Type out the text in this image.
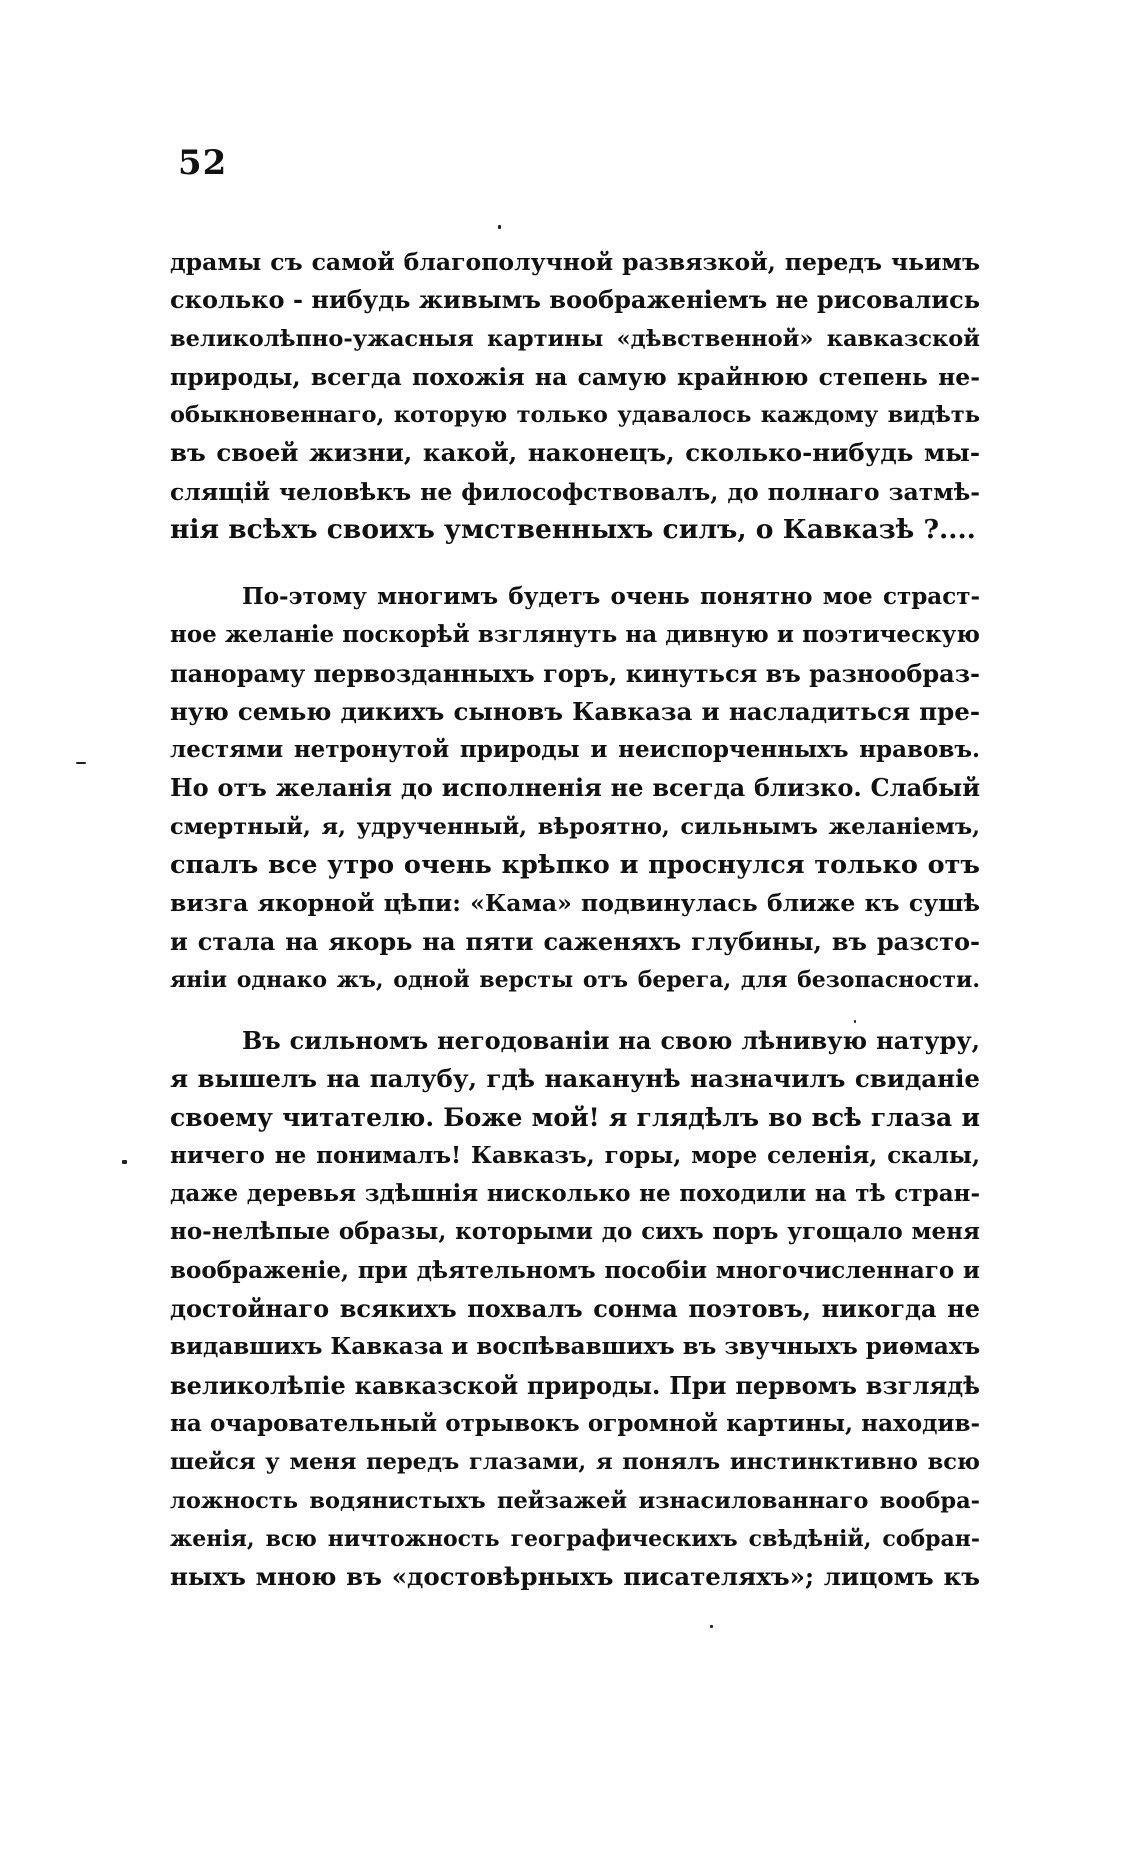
52
драмы съ самой благополучной развязкой, передъ чьимъ
сколько - нибудь живымъ воображеніемъ не рисовались
великолѣпно-ужасныя картины «дѣвственной» кавказской
природы, всегда похожія на самую крайнюю степень не-
обыкновеннаго, которую только удавалось каждому видѣть
въ своей жизни, какой, наконецъ, сколько-нибудь мы-
слящій человѣкъ не философствовалъ, до полнаго затмѣ-
нія всѣхъ своихъ умственныхъ силъ, о Кавказѣ ?....
По-этому многимъ будетъ очень понятно мое страст-
ное желаніе поскорѣй взглянуть на дивную и поэтическую
панораму первозданныхъ горъ, кинуться въ разнообраз-
ную семью дикихъ сыновъ Кавказа и насладиться пре-
лестями нетронутой природы и неиспорченныхъ нравовъ.
Но отъ желанія до исполненія не всегда близко. Слабый
смертный, я, удрученный, вѣроятно, сильнымъ желаніемъ,
спалъ все утро очень крѣпко и проснулся только отъ
визга якорной цѣпи: «Кама» подвинулась ближе къ сушѣ
и стала на якорь на пяти саженяхъ глубины, въ разсто-
яніи однако жъ, одной версты отъ берега, для безопасности.
Въ сильномъ негодованіи на свою лѣнивую натуру,
я вышелъ на палубу, гдѣ наканунѣ назначилъ свиданіе
своему читателю. Боже мой! я глядѣлъ во всѣ глаза и
ничего не понималъ! Кавказъ, горы, море селенія, скалы,
даже деревья здѣшнія нисколько не походили на тѣ стран-
но-нелѣпые образы, которыми до сихъ поръ угощало меня
воображеніе, при дѣятельномъ пособіи многочисленнаго и
достойнаго всякихъ похвалъ сонма поэтовъ, никогда не
видавшихъ Кавказа и воспѣвавшихъ въ звучныхъ риѳмахъ
великолѣпіе кавказской природы. При первомъ взглядѣ
на очаровательный отрывокъ огромной картины, находив-
шейся у меня передъ глазами, я понялъ инстинктивно всю
ложность водянистыхъ пейзажей изнасилованнаго вообра-
женія, всю ничтожность географическихъ свѣдѣній, собран-
ныхъ мною въ «достовѣрныхъ писателяхъ»; лицомъ къ
